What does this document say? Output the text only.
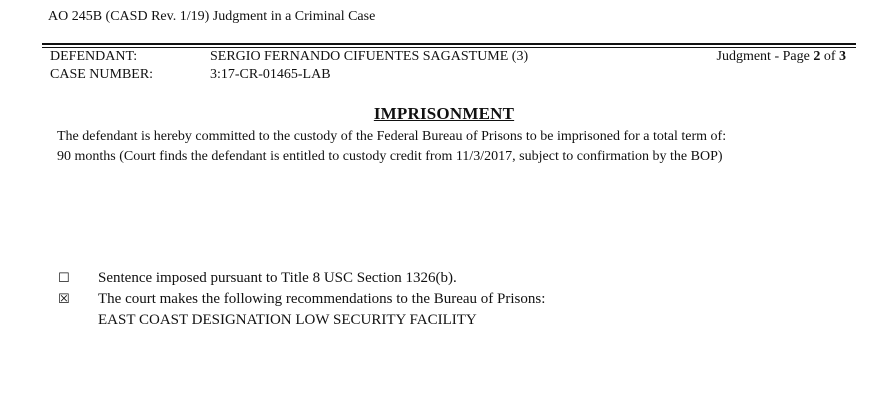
AO 245B (CASD Rev. 1/19) Judgment in a Criminal Case
DEFENDANT:	SERGIO FERNANDO CIFUENTES SAGASTUME (3)	Judgment - Page 2 of 3
CASE NUMBER:	3:17-CR-01465-LAB
IMPRISONMENT
The defendant is hereby committed to the custody of the Federal Bureau of Prisons to be imprisoned for a total term of:
90 months (Court finds the defendant is entitled to custody credit from 11/3/2017, subject to confirmation by the BOP)
☐ Sentence imposed pursuant to Title 8 USC Section 1326(b).
☒ The court makes the following recommendations to the Bureau of Prisons:
EAST COAST DESIGNATION LOW SECURITY FACILITY
